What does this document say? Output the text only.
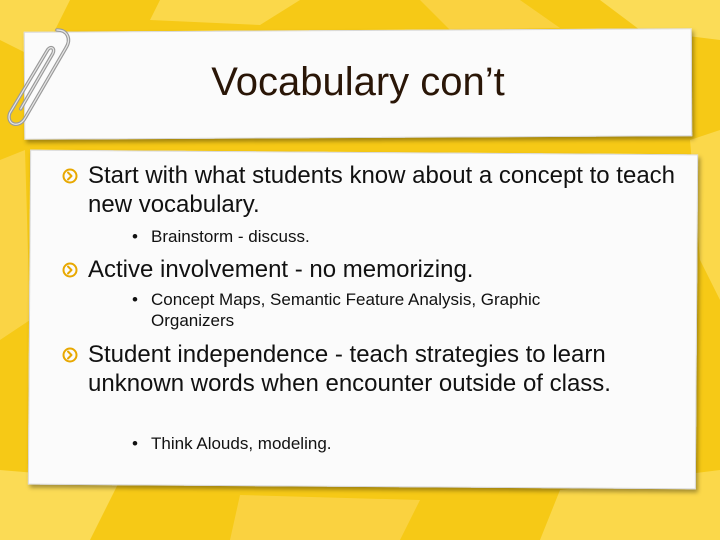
Vocabulary con’t
Start with what students know about a concept to teach new vocabulary.
• Brainstorm - discuss.
Active involvement - no memorizing.
• Concept Maps, Semantic Feature Analysis, Graphic Organizers
Student independence - teach strategies to learn unknown words when encounter outside of class.
• Think Alouds, modeling.
